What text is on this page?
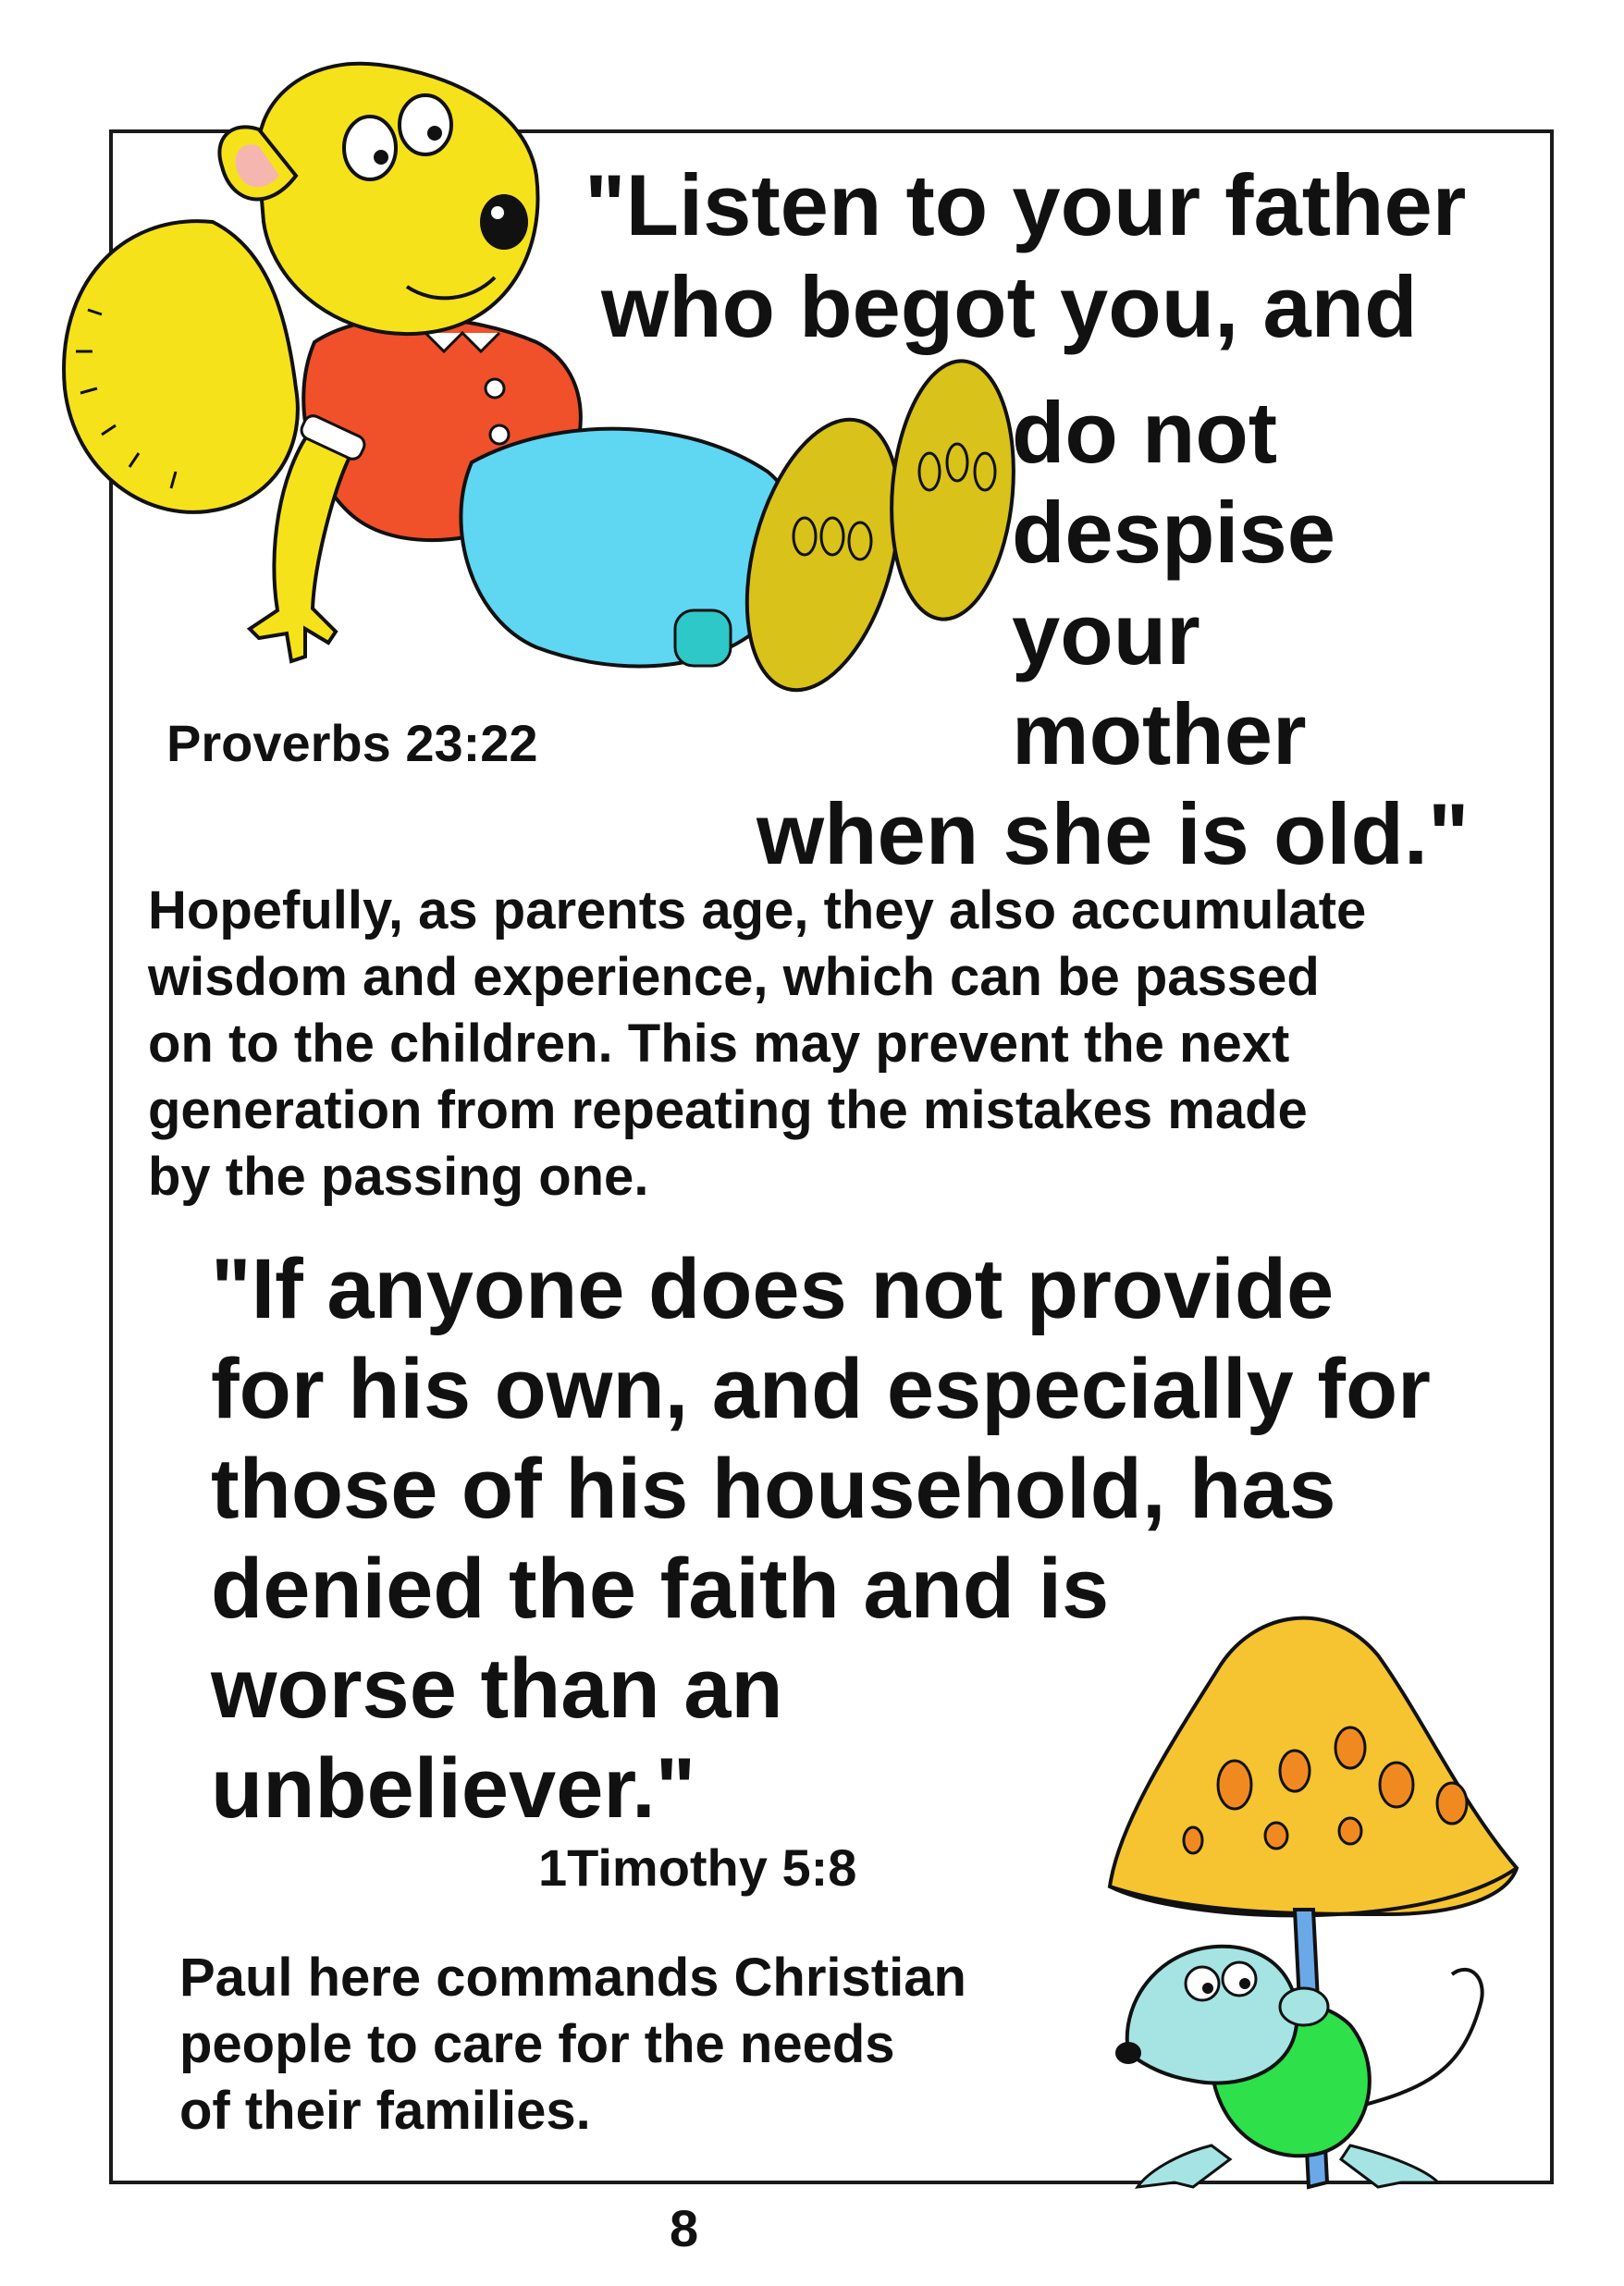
"Listen to your father

who begot you, and

do not

despise

your

mother

when she is old."

Proverbs 23:22

Hopefully, as parents age, they also accumulate

wisdom and experience, which can be passed

on to the children. This may prevent the next

generation from repeating the mistakes made

by the passing one.

"If anyone does not provide

for his own, and especially for

those of his household, has

denied the faith and is

worse than an

unbeliever."

1Timothy 5:8

Paul here commands Christian

people to care for the needs

of their families.

8
